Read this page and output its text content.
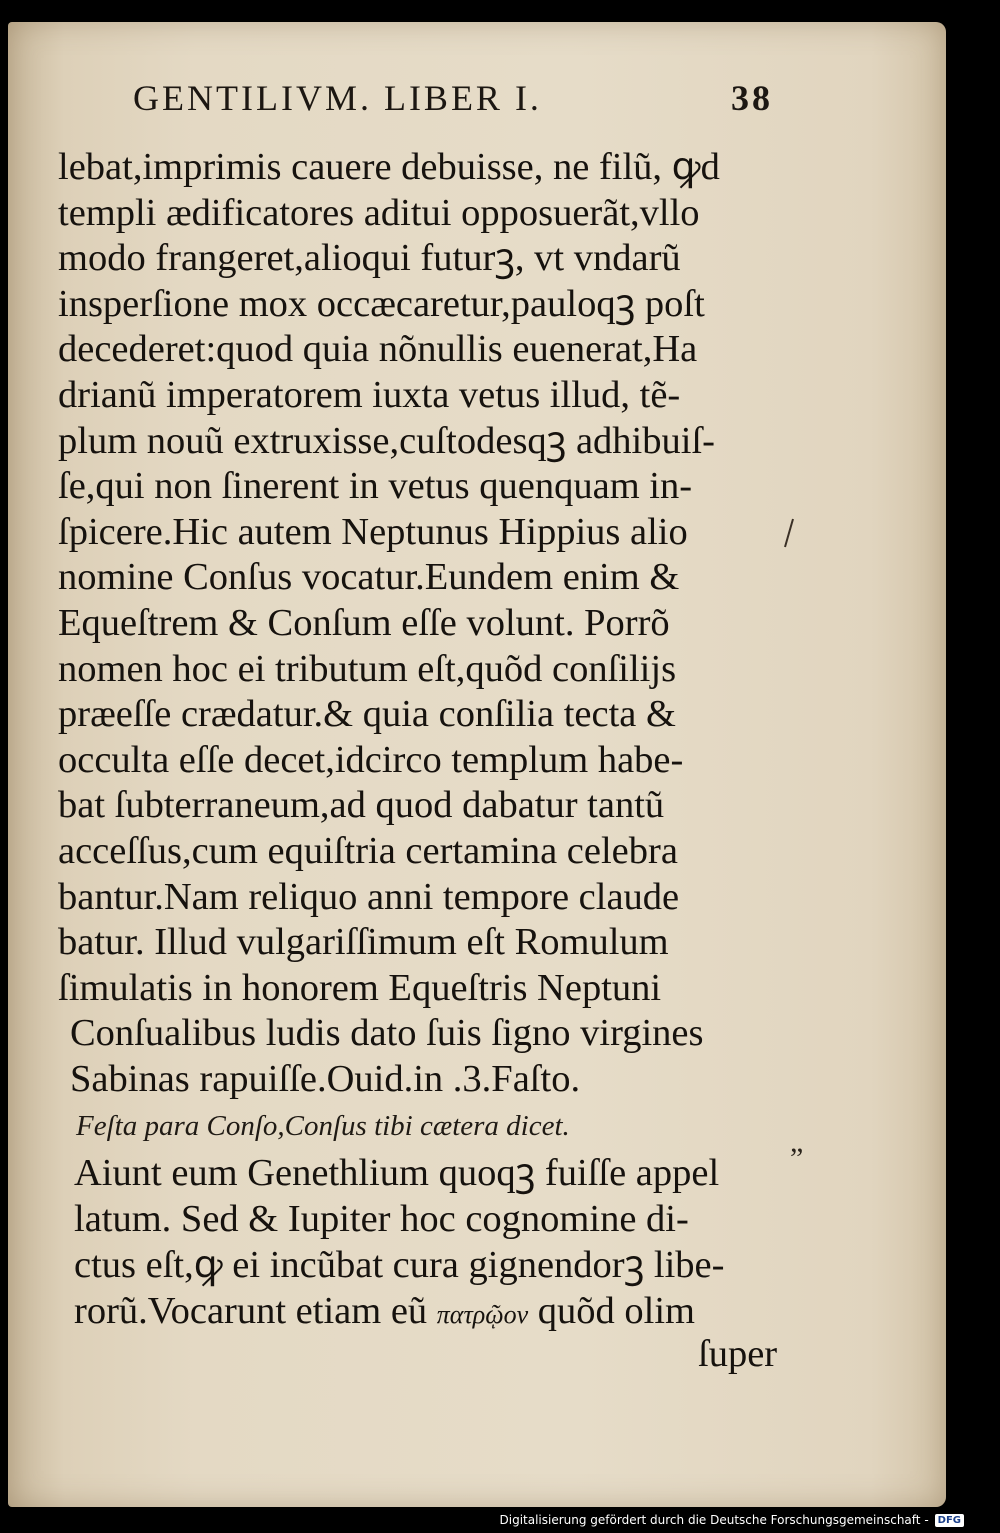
GENTILIVM. LIBER I.	38
lebat,imprimis cauere debuisse, ne filũ, ꝙd
templi ædificatores aditui opposuerãt,vllo
modo frangeret,alioqui futurꝫ, vt vndarũ
insperſione mox occæcaretur,pauloqꝫ poſt
decederet:quod quia nõnullis euenerat,Ha
drianũ imperatorem iuxta vetus illud, tẽ-
plum nouũ extruxisse,cuſtodesqꝫ adhibuiſ-
ſe,qui non ſinerent in vetus quenquam in-
ſpicere.Hic autem Neptunus Hippius alio
nomine Conſus vocatur.Eundem enim &
Equeſtrem & Conſum eſſe volunt. Porrõ
nomen hoc ei tributum eſt,quõd conſilijs
præeſſe crædatur.& quia conſilia tecta &
occulta eſſe decet,idcirco templum habe-
bat ſubterraneum,ad quod dabatur tantũ
acceſſus,cum equiſtria certamina celebra
bantur.Nam reliquo anni tempore claude
batur. Illud vulgariſſimum eſt Romulum
ſimulatis in honorem Equeſtris Neptuni
Conſualibus ludis dato ſuis ſigno virgines
Sabinas rapuiſſe.Ouid.in .3.Faſto.
Feſta para Conſo,Conſus tibi cætera dicet.
Aiunt eum Genethlium quoqꝫ fuiſſe appel
latum. Sed & Iupiter hoc cognomine di-
ctus eſt,ꝙ ei incũbat cura gignendorꝫ libe-
rorũ.Vocarunt etiam eũ πατρῷον quõd olim
”
ſuper
Digitalisierung gefördert durch die Deutsche Forschungsgemeinschaft - DFG
